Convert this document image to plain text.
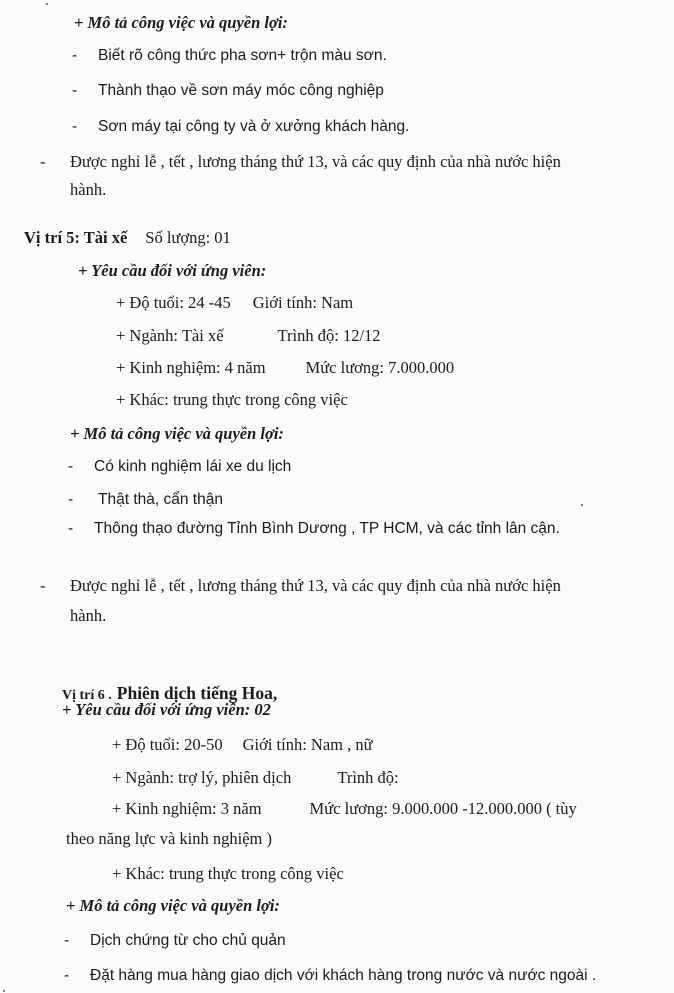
+ Mô tả công việc và quyền lợi:
- Biết rõ công thức pha sơn+ trộn màu sơn.
- Thành thạo về sơn máy móc công nghiệp
- Sơn máy tại công ty và ở xưởng khách hàng.
- Được nghỉ lễ , tết , lương tháng thứ 13, và các quy định của nhà nước hiện
hành.
Vị trí 5: Tài xế Số lượng: 01
+ Yêu cầu đối với ứng viên:
+ Độ tuổi: 24 -45 Giới tính: Nam
+ Ngành: Tài xế	Trình độ: 12/12
+ Kinh nghiệm: 4 năm Mức lương: 7.000.000
+ Khác: trung thực trong công việc
+ Mô tả công việc và quyền lợi:
- Có kinh nghiệm lái xe du lịch
- Thật thà, cẩn thận
- Thông thạo đường Tỉnh Bình Dương , TP HCM, và các tỉnh lân cận.
- Được nghỉ lễ , tết , lương tháng thứ 13, và các quy định của nhà nước hiện
hành.
Vị trí 6 . Phiên dịch tiếng Hoa,
+ Yêu cầu đối với ứng viên: 02
+ Độ tuổi: 20-50 Giới tính: Nam , nữ
+ Ngành: trợ lý, phiên dịch	Trình độ:
+ Kinh nghiệm: 3 năm	Mức lương: 9.000.000 -12.000.000 ( tùy
theo năng lực và kinh nghiệm )
+ Khác: trung thực trong công việc
+ Mô tả công việc và quyền lợi:
- Dịch chứng từ cho chủ quản
- Đặt hàng mua hàng giao dịch với khách hàng trong nước và nước ngoài .
